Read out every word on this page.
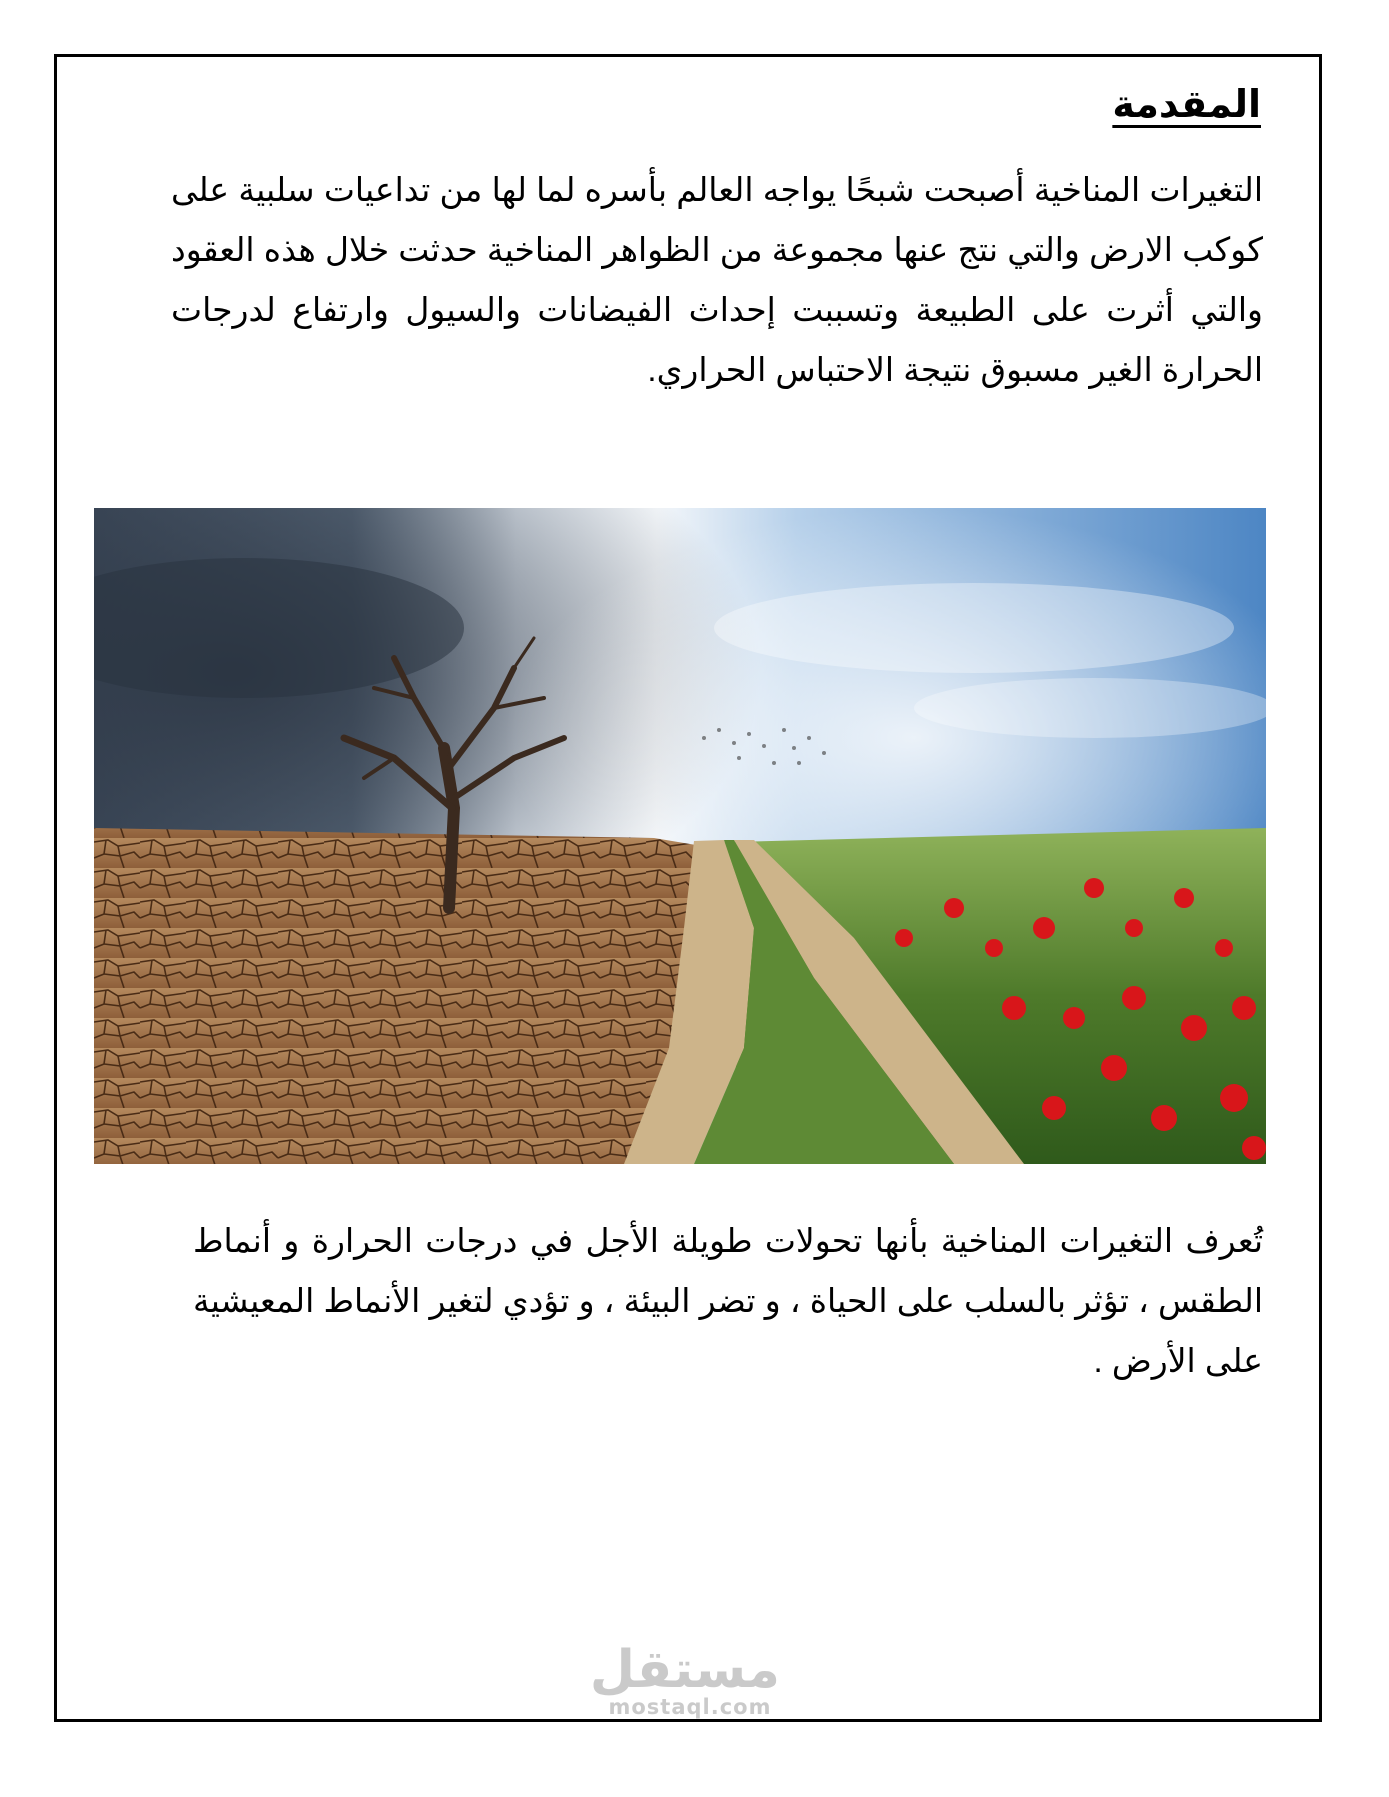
المقدمة

التغيرات المناخية أصبحت شبحًا يواجه العالم بأسره لما لها من تداعيات سلبية على كوكب الارض والتي نتج عنها مجموعة من الظواهر المناخية حدثت خلال هذه العقود والتي أثرت على الطبيعة وتسببت إحداث الفيضانات والسيول وارتفاع لدرجات الحرارة الغير مسبوق نتيجة الاحتباس الحراري.

تُعرف التغيرات المناخية بأنها تحولات طويلة الأجل في درجات الحرارة و أنماط الطقس ، تؤثر بالسلب على الحياة ، و تضر البيئة ، و تؤدي لتغير الأنماط المعيشية على الأرض .

مستقل
mostaql.com
